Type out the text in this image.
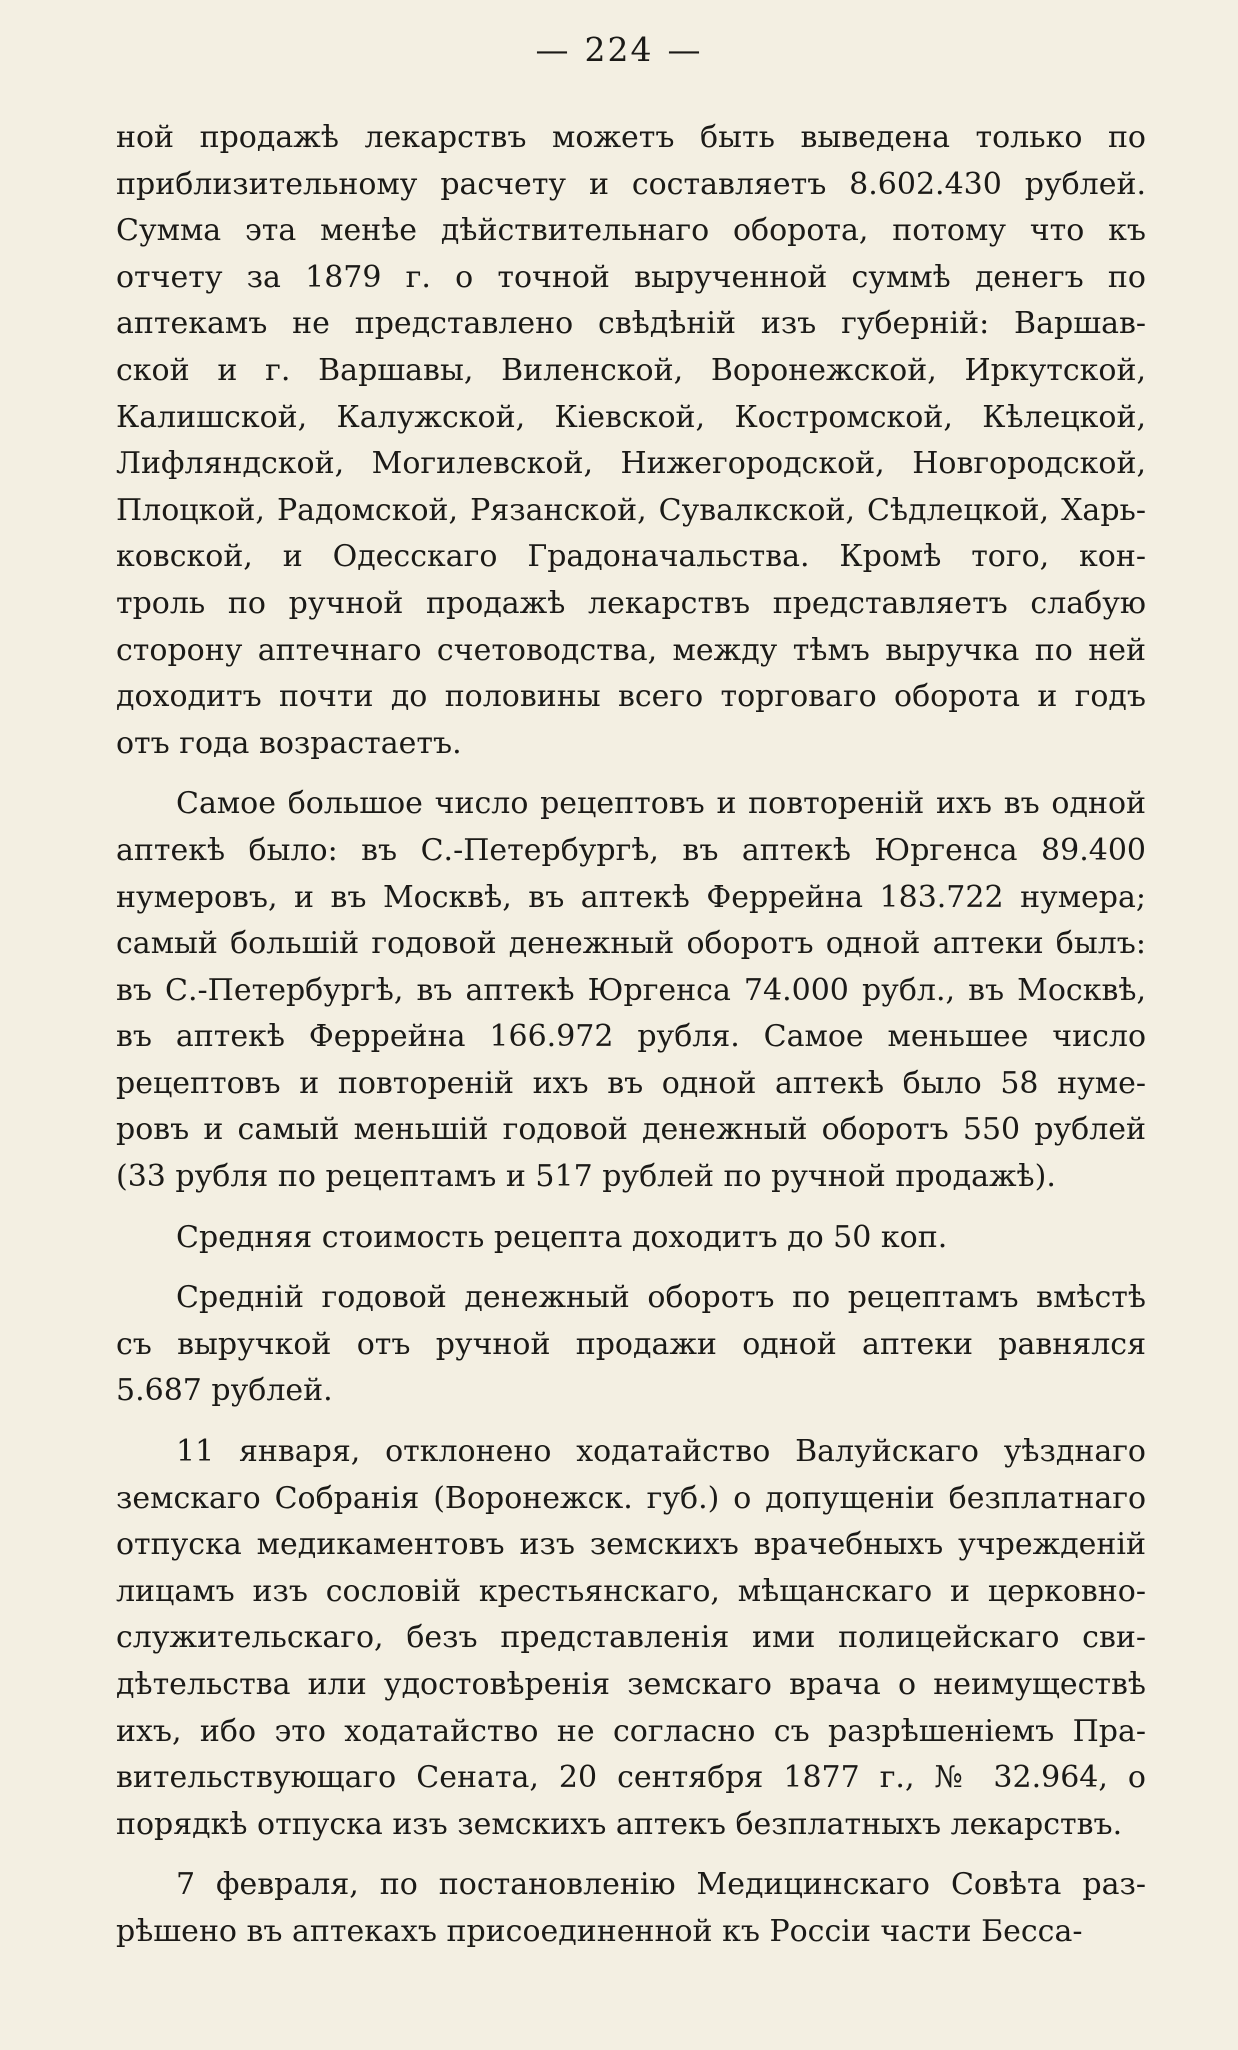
— 224 —

ной продажѣ лекарствъ можетъ быть выведена только по
приблизительному расчету и составляетъ 8.602.430 рублей.
Сумма эта менѣе дѣйствительнаго оборота, потому что къ
отчету за 1879 г. о точной вырученной суммѣ денегъ по
аптекамъ не представлено свѣдѣній изъ губерній: Варшав-
ской и г. Варшавы, Виленской, Воронежской, Иркутской,
Калишской, Калужской, Кіевской, Костромской, Кѣлецкой,
Лифляндской, Могилевской, Нижегородской, Новгородской,
Плоцкой, Радомской, Рязанской, Сувалкской, Сѣдлецкой, Харь-
ковской, и Одесскаго Градоначальства. Кромѣ того, кон-
троль по ручной продажѣ лекарствъ представляетъ слабую
сторону аптечнаго счетоводства, между тѣмъ выручка по ней
доходитъ почти до половины всего торговаго оборота и годъ
отъ года возрастаетъ.

Самое большое число рецептовъ и повтореній ихъ въ одной
аптекѣ было: въ С.-Петербургѣ, въ аптекѣ Юргенса 89.400
нумеровъ, и въ Москвѣ, въ аптекѣ Феррейна 183.722 нумера;
самый большій годовой денежный оборотъ одной аптеки былъ:
въ С.-Петербургѣ, въ аптекѣ Юргенса 74.000 рубл., въ Москвѣ,
въ аптекѣ Феррейна 166.972 рубля. Самое меньшее число
рецептовъ и повтореній ихъ въ одной аптекѣ было 58 нуме-
ровъ и самый меньшій годовой денежный оборотъ 550 рублей
(33 рубля по рецептамъ и 517 рублей по ручной продажѣ).

Средняя стоимость рецепта доходитъ до 50 коп.

Средній годовой денежный оборотъ по рецептамъ вмѣстѣ
съ выручкой отъ ручной продажи одной аптеки равнялся
5.687 рублей.

11 января, отклонено ходатайство Валуйскаго уѣзднаго
земскаго Собранія (Воронежск. губ.) о допущеніи безплатнаго
отпуска медикаментовъ изъ земскихъ врачебныхъ учрежденій
лицамъ изъ сословій крестьянскаго, мѣщанскаго и церковно-
служительскаго, безъ представленія ими полицейскаго сви-
дѣтельства или удостовѣренія земскаго врача о неимуществѣ
ихъ, ибо это ходатайство не согласно съ разрѣшеніемъ Пра-
вительствующаго Сената, 20 сентября 1877 г., № 32.964, о
порядкѣ отпуска изъ земскихъ аптекъ безплатныхъ лекарствъ.

7 февраля, по постановленію Медицинскаго Совѣта раз-
рѣшено въ аптекахъ присоединенной къ Россіи части Бесса-
